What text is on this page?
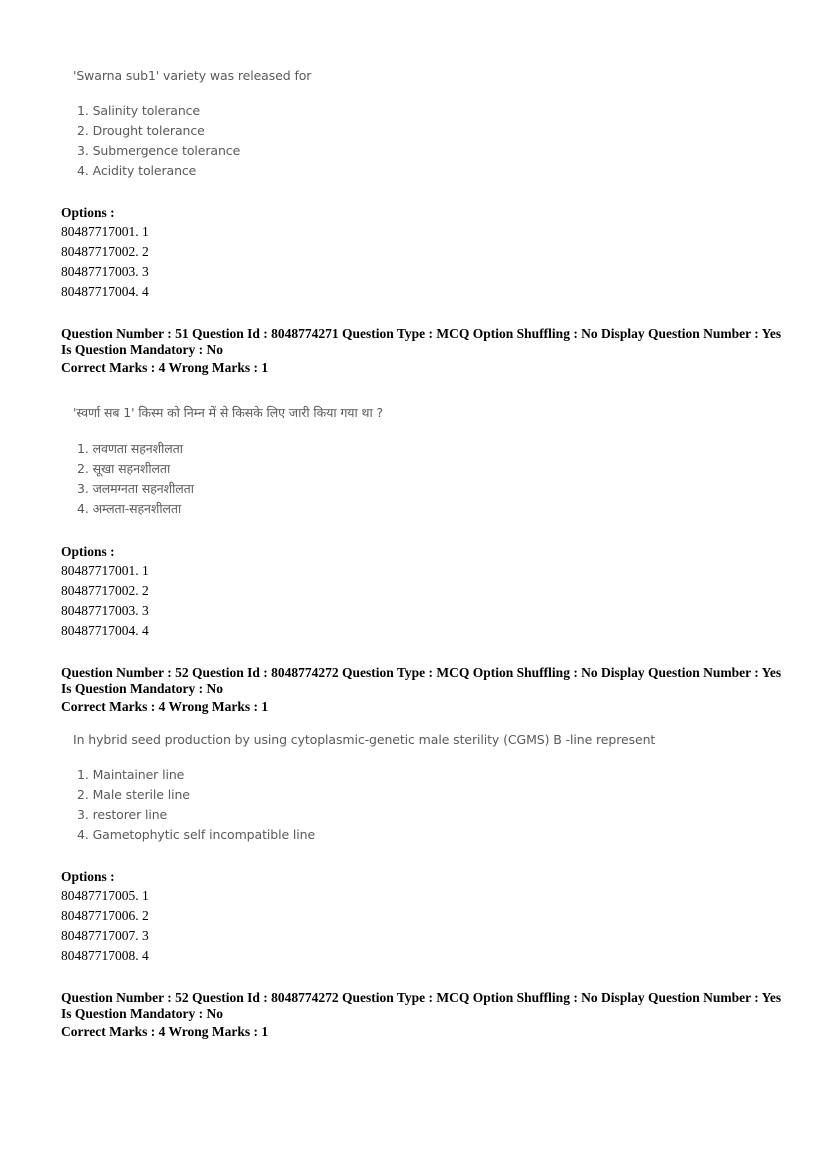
'Swarna sub1' variety was released for
1. Salinity tolerance
2. Drought tolerance
3. Submergence tolerance
4. Acidity tolerance
Options :
80487717001. 1
80487717002. 2
80487717003. 3
80487717004. 4
Question Number : 51 Question Id : 8048774271 Question Type : MCQ Option Shuffling : No Display Question Number : Yes
Is Question Mandatory : No
Correct Marks : 4 Wrong Marks : 1
'स्वर्णा सब 1' किस्म को निम्न में से किसके लिए जारी किया गया था ?
1. लवणता सहनशीलता
2. सूखा सहनशीलता
3. जलमग्नता सहनशीलता
4. अम्लता-सहनशीलता
Options :
80487717001. 1
80487717002. 2
80487717003. 3
80487717004. 4
Question Number : 52 Question Id : 8048774272 Question Type : MCQ Option Shuffling : No Display Question Number : Yes
Is Question Mandatory : No
Correct Marks : 4 Wrong Marks : 1
In hybrid seed production by using cytoplasmic-genetic male sterility (CGMS) B -line represent
1. Maintainer line
2. Male sterile line
3. restorer line
4. Gametophytic self incompatible line
Options :
80487717005. 1
80487717006. 2
80487717007. 3
80487717008. 4
Question Number : 52 Question Id : 8048774272 Question Type : MCQ Option Shuffling : No Display Question Number : Yes
Is Question Mandatory : No
Correct Marks : 4 Wrong Marks : 1
